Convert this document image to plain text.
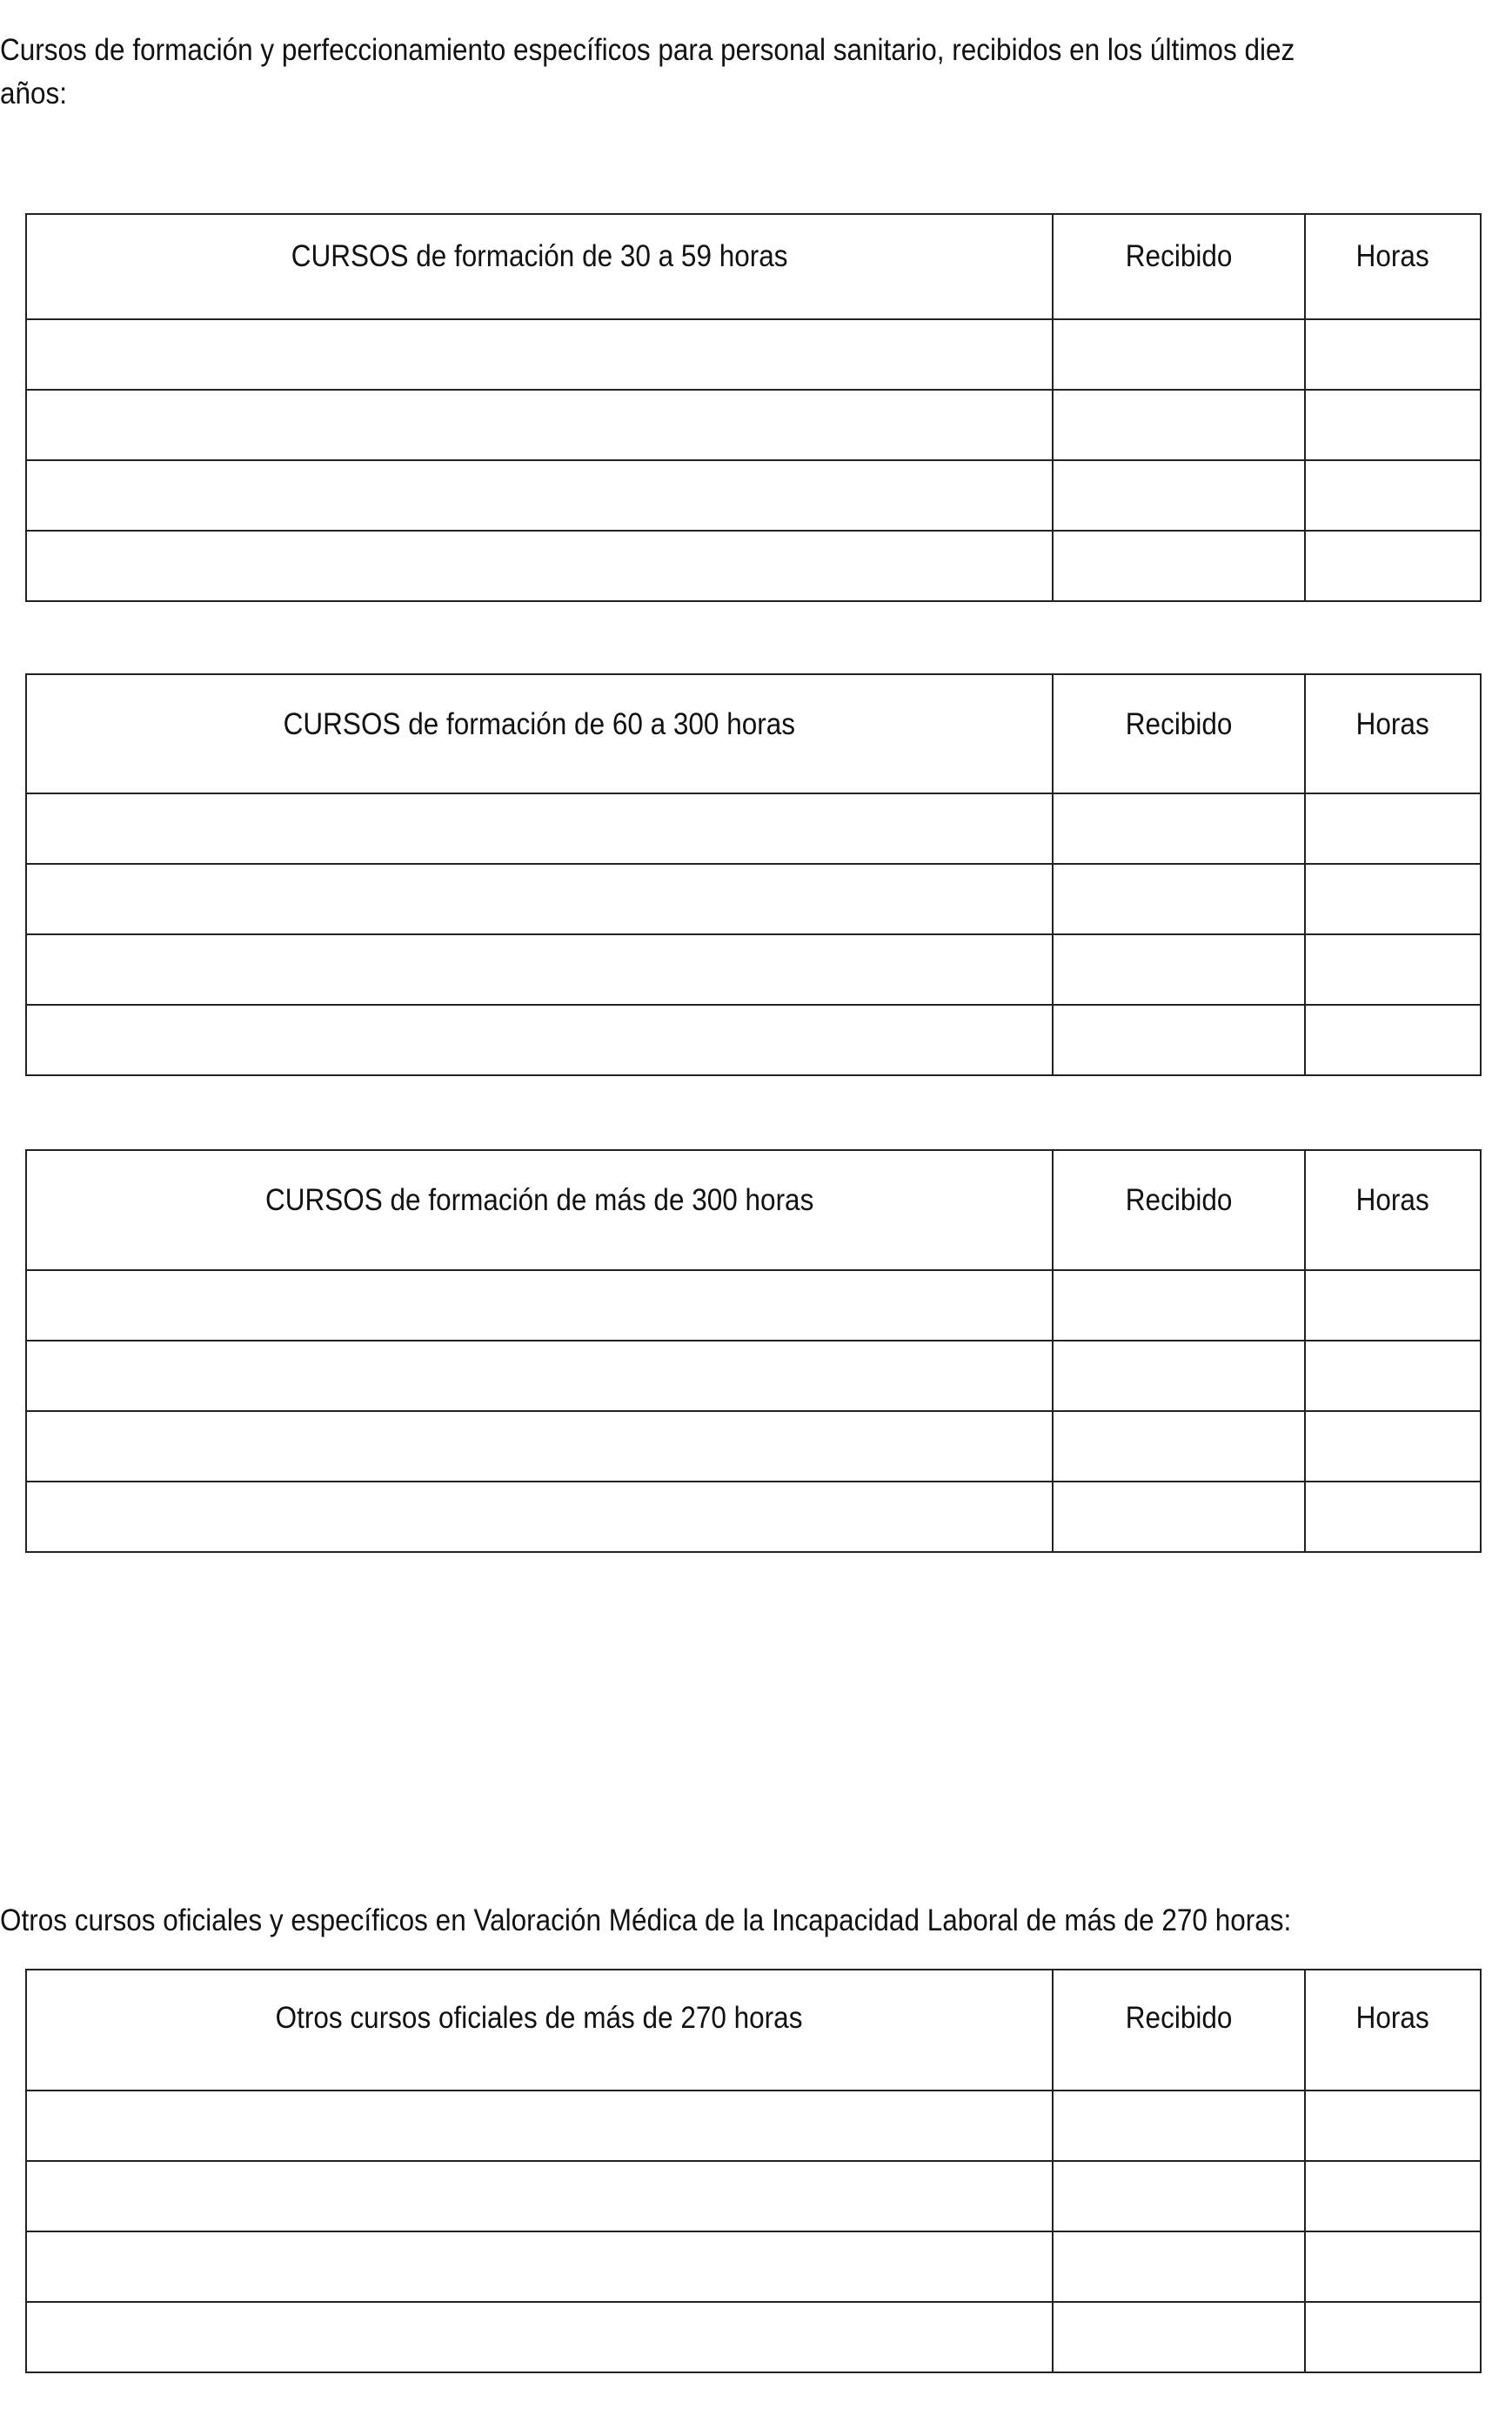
Cursos de formación y perfeccionamiento específicos para personal sanitario, recibidos en los últimos diez
años:
CURSOS de formación de 30 a 59 horas	Recibido	Horas

CURSOS de formación de 60 a 300 horas	Recibido	Horas

CURSOS de formación de más de 300 horas	Recibido	Horas

Otros cursos oficiales y específicos en Valoración Médica de la Incapacidad Laboral de más de 270 horas:
Otros cursos oficiales de más de 270 horas	Recibido	Horas
